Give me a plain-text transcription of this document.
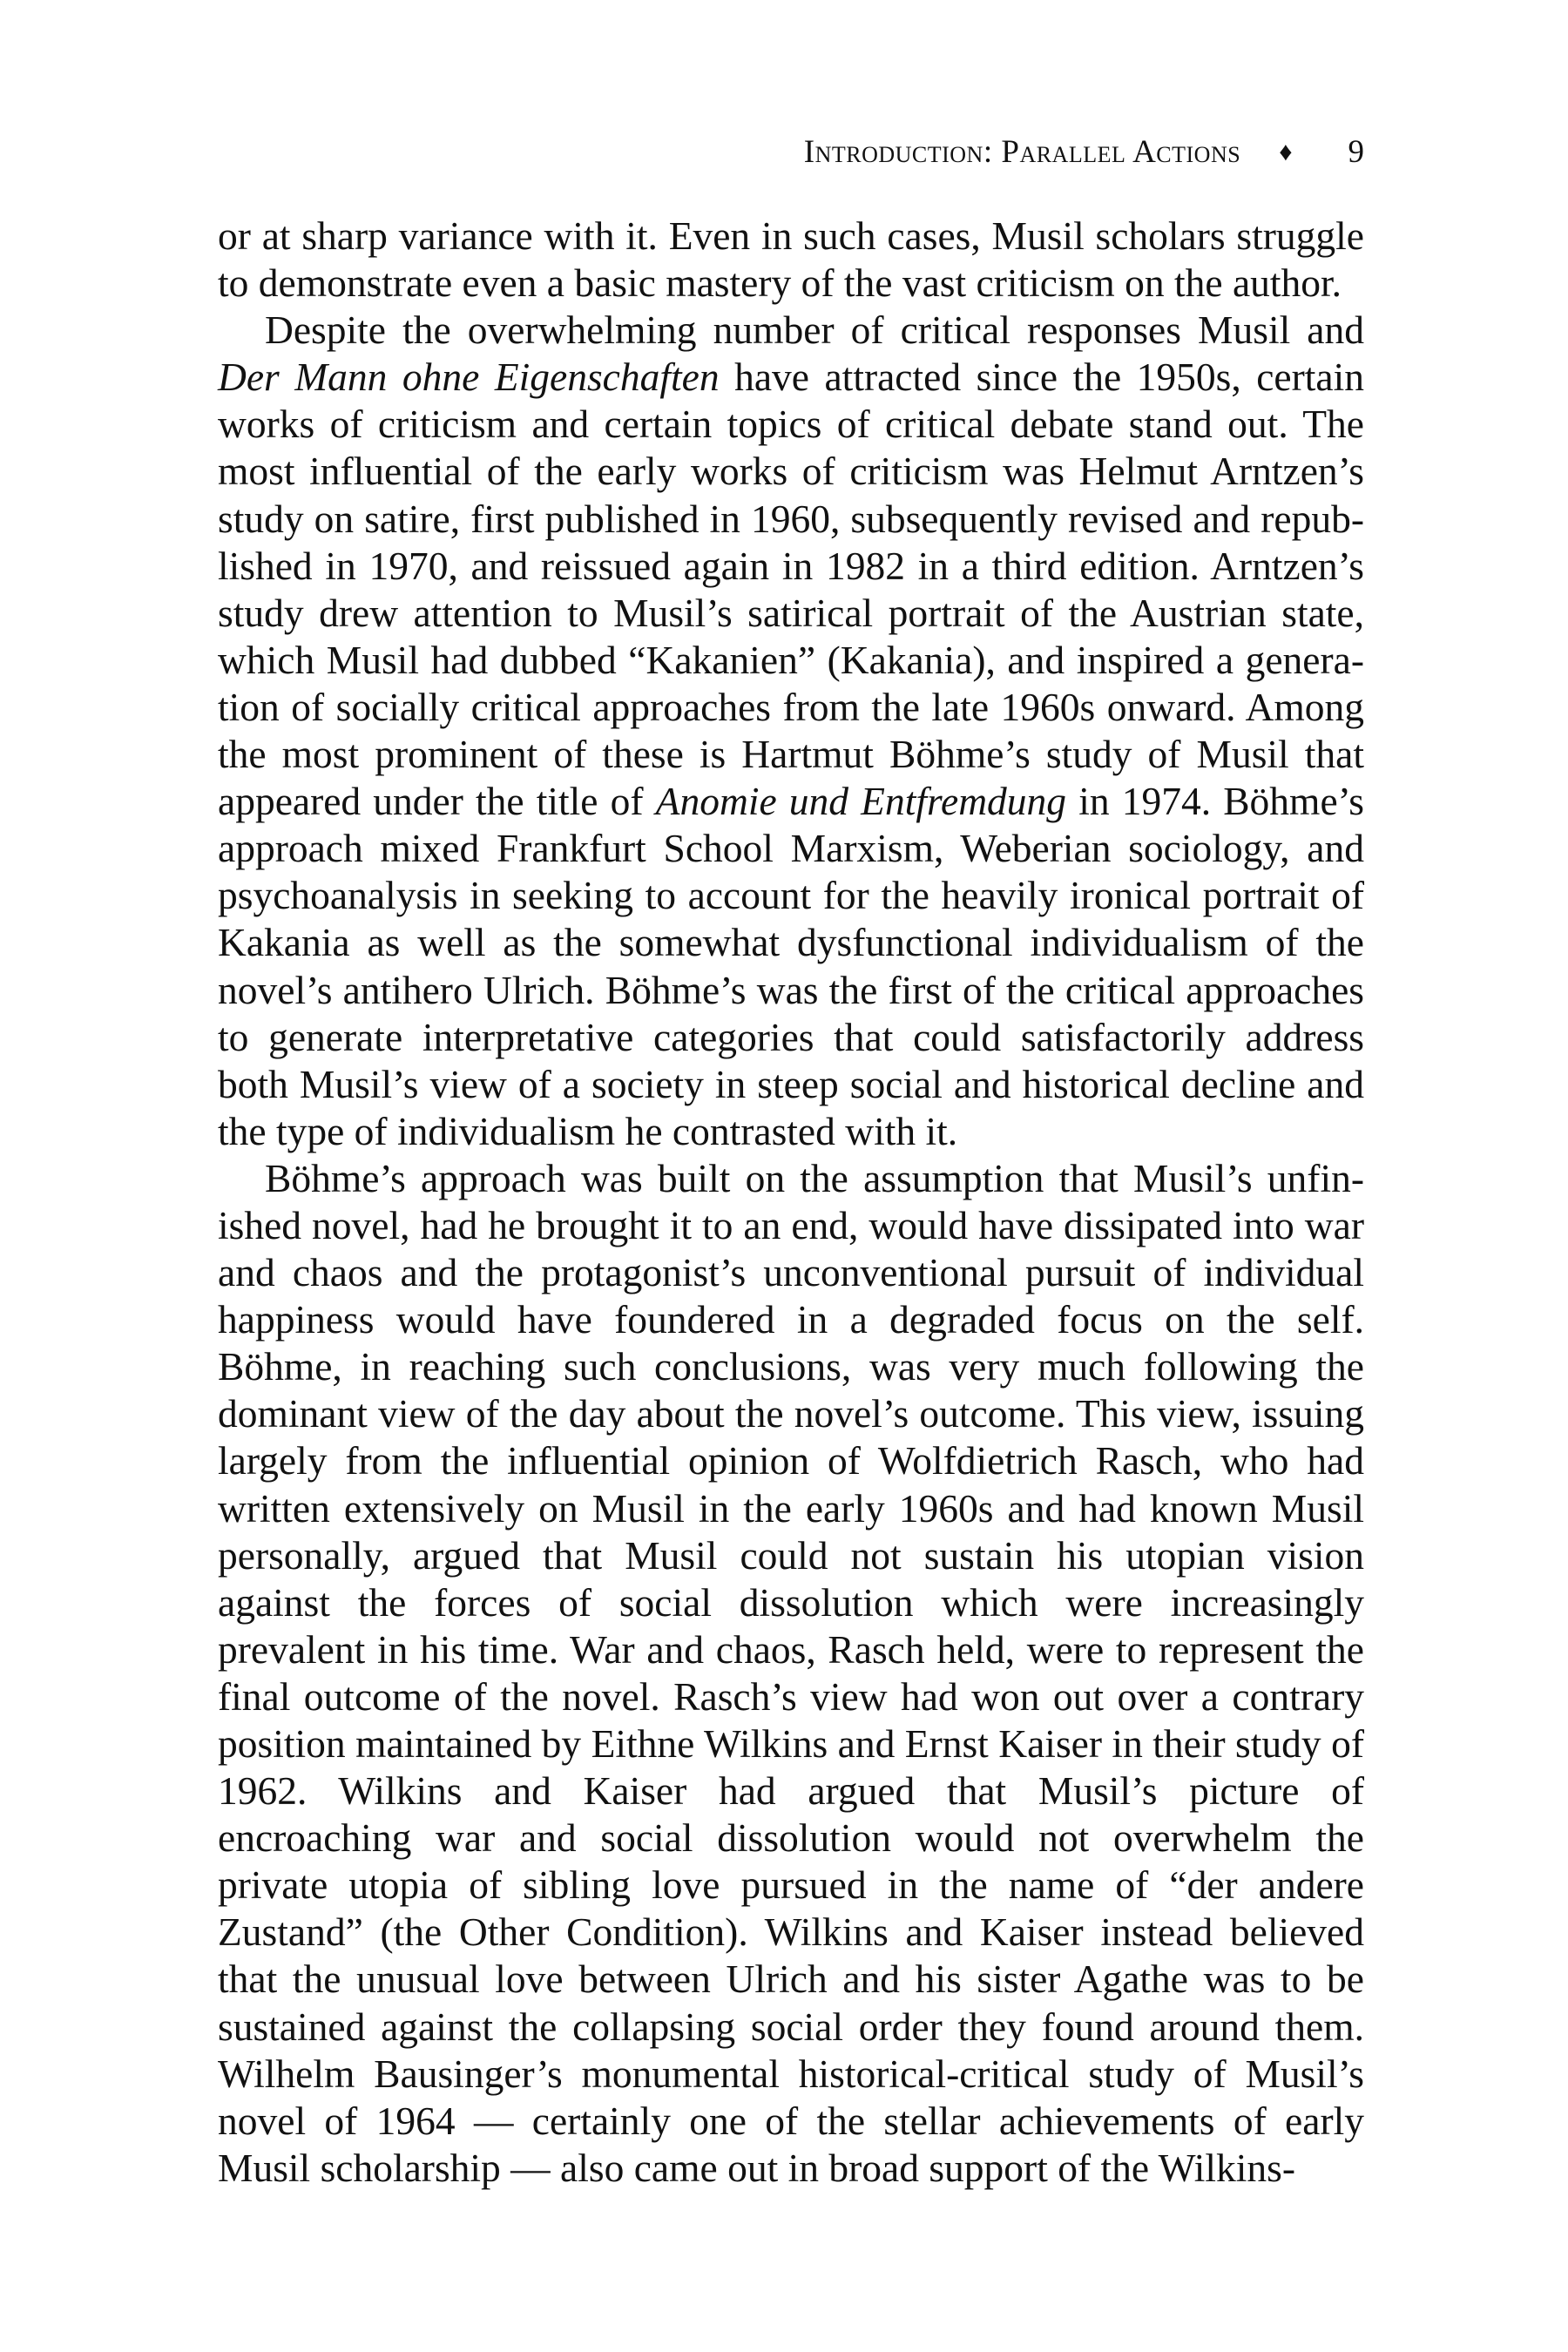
Introduction: Parallel Actions ♦ 9

or at sharp variance with it. Even in such cases, Musil scholars struggle to demonstrate even a basic mastery of the vast criticism on the author.

Despite the overwhelming number of critical responses Musil and Der Mann ohne Eigenschaften have attracted since the 1950s, certain works of criticism and certain topics of critical debate stand out. The most influential of the early works of criticism was Helmut Arntzen’s study on satire, first published in 1960, subsequently revised and republished in 1970, and reissued again in 1982 in a third edition. Arntzen’s study drew attention to Musil’s satirical portrait of the Austrian state, which Musil had dubbed “Kakanien” (Kakania), and inspired a generation of socially critical approaches from the late 1960s onward. Among the most prominent of these is Hartmut Böhme’s study of Musil that appeared under the title of Anomie und Entfremdung in 1974. Böhme’s approach mixed Frankfurt School Marxism, Weberian sociology, and psychoanalysis in seeking to account for the heavily ironical portrait of Kakania as well as the somewhat dysfunctional individualism of the novel’s antihero Ulrich. Böhme’s was the first of the critical approaches to generate interpretative categories that could satisfactorily address both Musil’s view of a society in steep social and historical decline and the type of individualism he contrasted with it.

Böhme’s approach was built on the assumption that Musil’s unfinished novel, had he brought it to an end, would have dissipated into war and chaos and the protagonist’s unconventional pursuit of individual happiness would have foundered in a degraded focus on the self. Böhme, in reaching such conclusions, was very much following the dominant view of the day about the novel’s outcome. This view, issuing largely from the influential opinion of Wolfdietrich Rasch, who had written extensively on Musil in the early 1960s and had known Musil personally, argued that Musil could not sustain his utopian vision against the forces of social dissolution which were increasingly prevalent in his time. War and chaos, Rasch held, were to represent the final outcome of the novel. Rasch’s view had won out over a contrary position maintained by Eithne Wilkins and Ernst Kaiser in their study of 1962. Wilkins and Kaiser had argued that Musil’s picture of encroaching war and social dissolution would not overwhelm the private utopia of sibling love pursued in the name of “der andere Zustand” (the Other Condition). Wilkins and Kaiser instead believed that the unusual love between Ulrich and his sister Agathe was to be sustained against the collapsing social order they found around them. Wilhelm Bausinger’s monumental historical-critical study of Musil’s novel of 1964 — certainly one of the stellar achievements of early Musil scholarship — also came out in broad support of the Wilkins-
